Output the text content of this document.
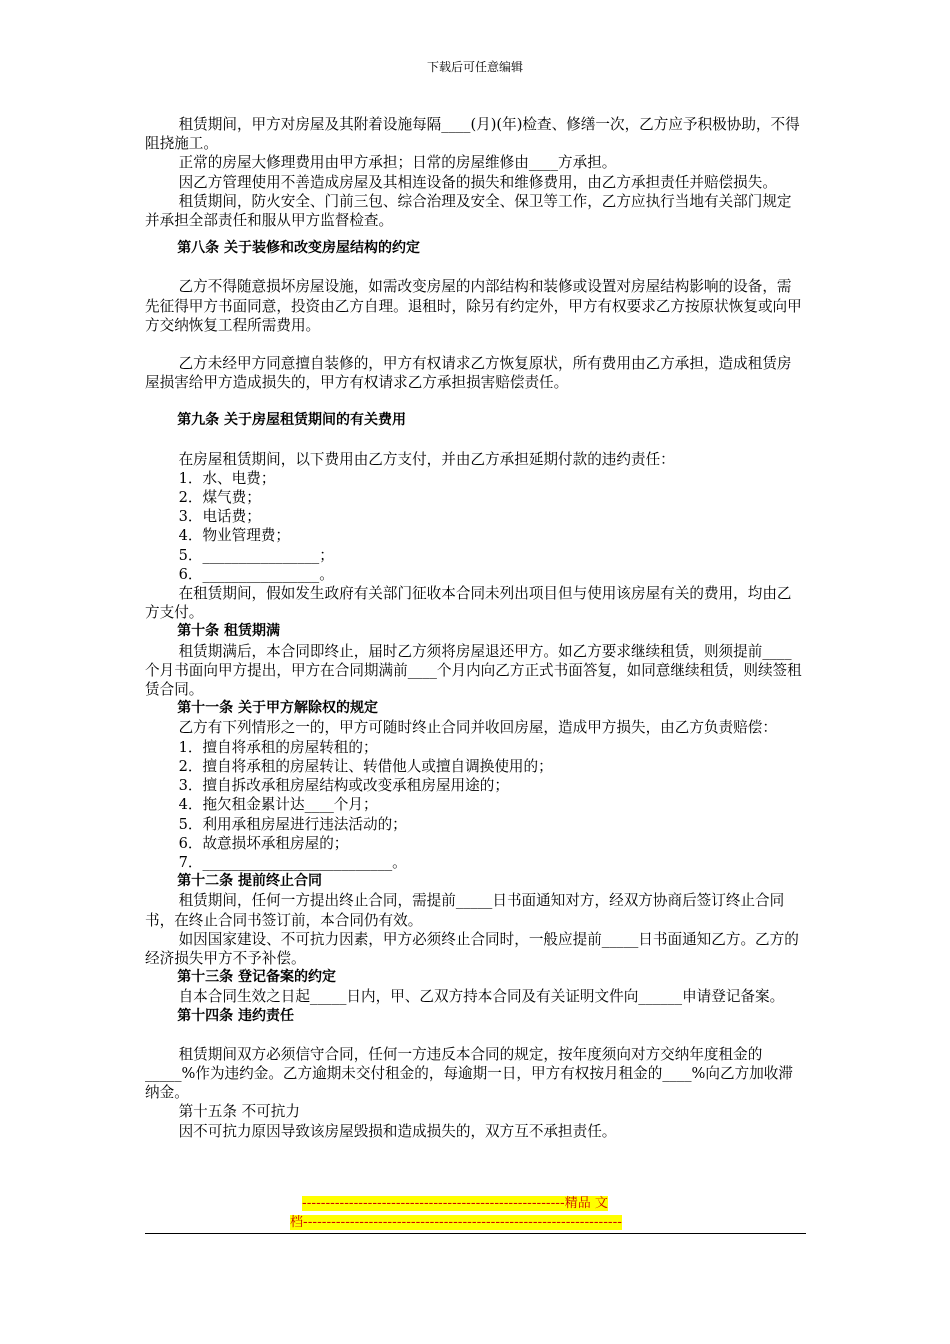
下载后可任意编辑

租赁期间，甲方对房屋及其附着设施每隔____(月)(年)检查、修缮一次，乙方应予积极协助，不得阻挠施工。

正常的房屋大修理费用由甲方承担；日常的房屋维修由____方承担。

因乙方管理使用不善造成房屋及其相连设备的损失和维修费用，由乙方承担责任并赔偿损失。

租赁期间，防火安全、门前三包、综合治理及安全、保卫等工作，乙方应执行当地有关部门规定并承担全部责任和服从甲方监督检查。

第八条 关于装修和改变房屋结构的约定

乙方不得随意损坏房屋设施，如需改变房屋的内部结构和装修或设置对房屋结构影响的设备，需先征得甲方书面同意，投资由乙方自理。退租时，除另有约定外，甲方有权要求乙方按原状恢复或向甲方交纳恢复工程所需费用。

乙方未经甲方同意擅自装修的，甲方有权请求乙方恢复原状，所有费用由乙方承担，造成租赁房屋损害给甲方造成损失的，甲方有权请求乙方承担损害赔偿责任。

第九条 关于房屋租赁期间的有关费用

在房屋租赁期间，以下费用由乙方支付，并由乙方承担延期付款的违约责任：

1．水、电费；

2．煤气费；

3．电话费；

4．物业管理费；

5．________________；

6．________________。

在租赁期间，假如发生政府有关部门征收本合同未列出项目但与使用该房屋有关的费用，均由乙方支付。

第十条 租赁期满

租赁期满后，本合同即终止，届时乙方须将房屋退还甲方。如乙方要求继续租赁，则须提前____个月书面向甲方提出，甲方在合同期满前____个月内向乙方正式书面答复，如同意继续租赁，则续签租赁合同。

第十一条 关于甲方解除权的规定

乙方有下列情形之一的，甲方可随时终止合同并收回房屋，造成甲方损失，由乙方负责赔偿：

1．擅自将承租的房屋转租的；

2．擅自将承租的房屋转让、转借他人或擅自调换使用的；

3．擅自拆改承租房屋结构或改变承租房屋用途的；

4．拖欠租金累计达____个月；

5．利用承租房屋进行违法活动的；

6．故意损坏承租房屋的；

7．__________________________。

第十二条 提前终止合同

租赁期间，任何一方提出终止合同，需提前_____日书面通知对方，经双方协商后签订终止合同书，在终止合同书签订前，本合同仍有效。

如因国家建设、不可抗力因素，甲方必须终止合同时，一般应提前_____日书面通知乙方。乙方的经济损失甲方不予补偿。

第十三条 登记备案的约定

自本合同生效之日起_____日内，甲、乙双方持本合同及有关证明文件向______申请登记备案。

第十四条 违约责任

租赁期间双方必须信守合同，任何一方违反本合同的规定，按年度须向对方交纳年度租金的_____%作为违约金。乙方逾期未交付租金的，每逾期一日，甲方有权按月租金的____%向乙方加收滞纳金。

第十五条 不可抗力

因不可抗力原因导致该房屋毁损和造成损失的，双方互不承担责任。

--------------------------------------------------------精品 文
档--------------------------------------------------------------------
